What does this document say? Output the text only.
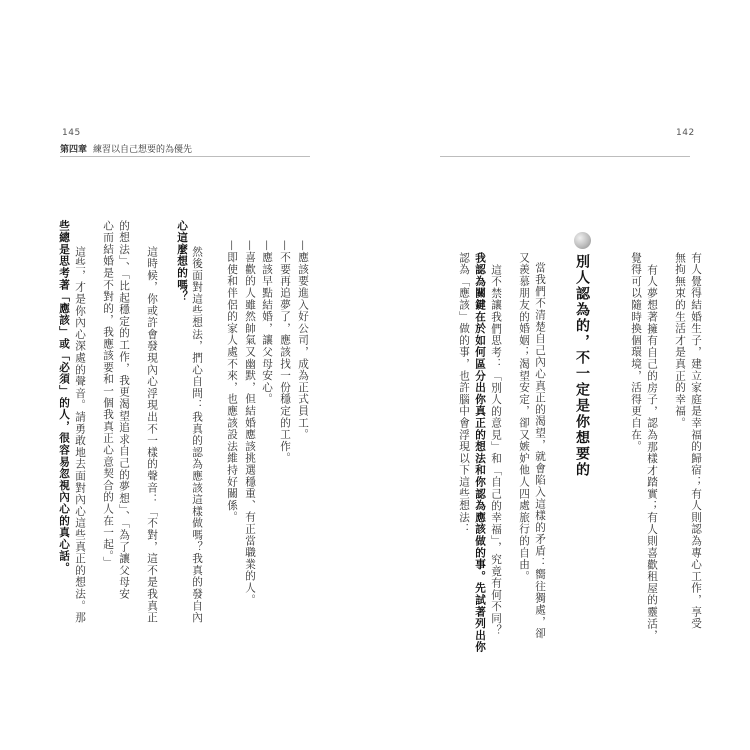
145
第四章 練習以自己想要的為優先
些總是思考著「應該」或「必須」的人，很容易忽視內心的真心話。 這些，才是你內心深處的聲音。請勇敢地去面對內心這些真正的想法。那 心而結婚是不對的，我應該要和一個我真正心意契合的人在一起。」 的想法」、「比起穩定的工作，我更渴望追求自己的夢想」、「為了讓父母安 這時候，你或許會發現內心浮現出不一樣的聲音：「不對，這不是我真正 心這麼想的嗎？ 然後面對這些想法，捫心自問：我真的認為應該這樣做嗎？我真的發自內 —即使和伴侶的家人處不來，也應該設法維持好關係。 —喜歡的人雖然帥氣又幽默，但結婚應該挑選穩重、有正當職業的人。 —應該早點結婚，讓父母安心。 —不要再追夢了，應該找一份穩定的工作。 —應該要進入好公司，成為正式員工。
142
有人覺得結婚生子，建立家庭是幸福的歸宿；有人則認為專心工作，享受
無拘無束的生活才是真正的幸福。
有人夢想著擁有自己的房子，認為那樣才踏實；有人則喜歡租屋的靈活，
覺得可以隨時換個環境，活得更自在。
別人認為的，不一定是你想要的
當我們不清楚自己內心真正的渴望，就會陷入這樣的矛盾：嚮往獨處，卻
又羨慕朋友的婚姻；渴望安定，卻又嫉妒他人四處旅行的自由。
這不禁讓我們思考：「別人的意見」和「自己的幸福」，究竟有何不同？
我認為關鍵在於如何區分出你真正的想法和你認為應該做的事。先試著列出你
認為「應該」做的事，也許腦中會浮現以下這些想法：
